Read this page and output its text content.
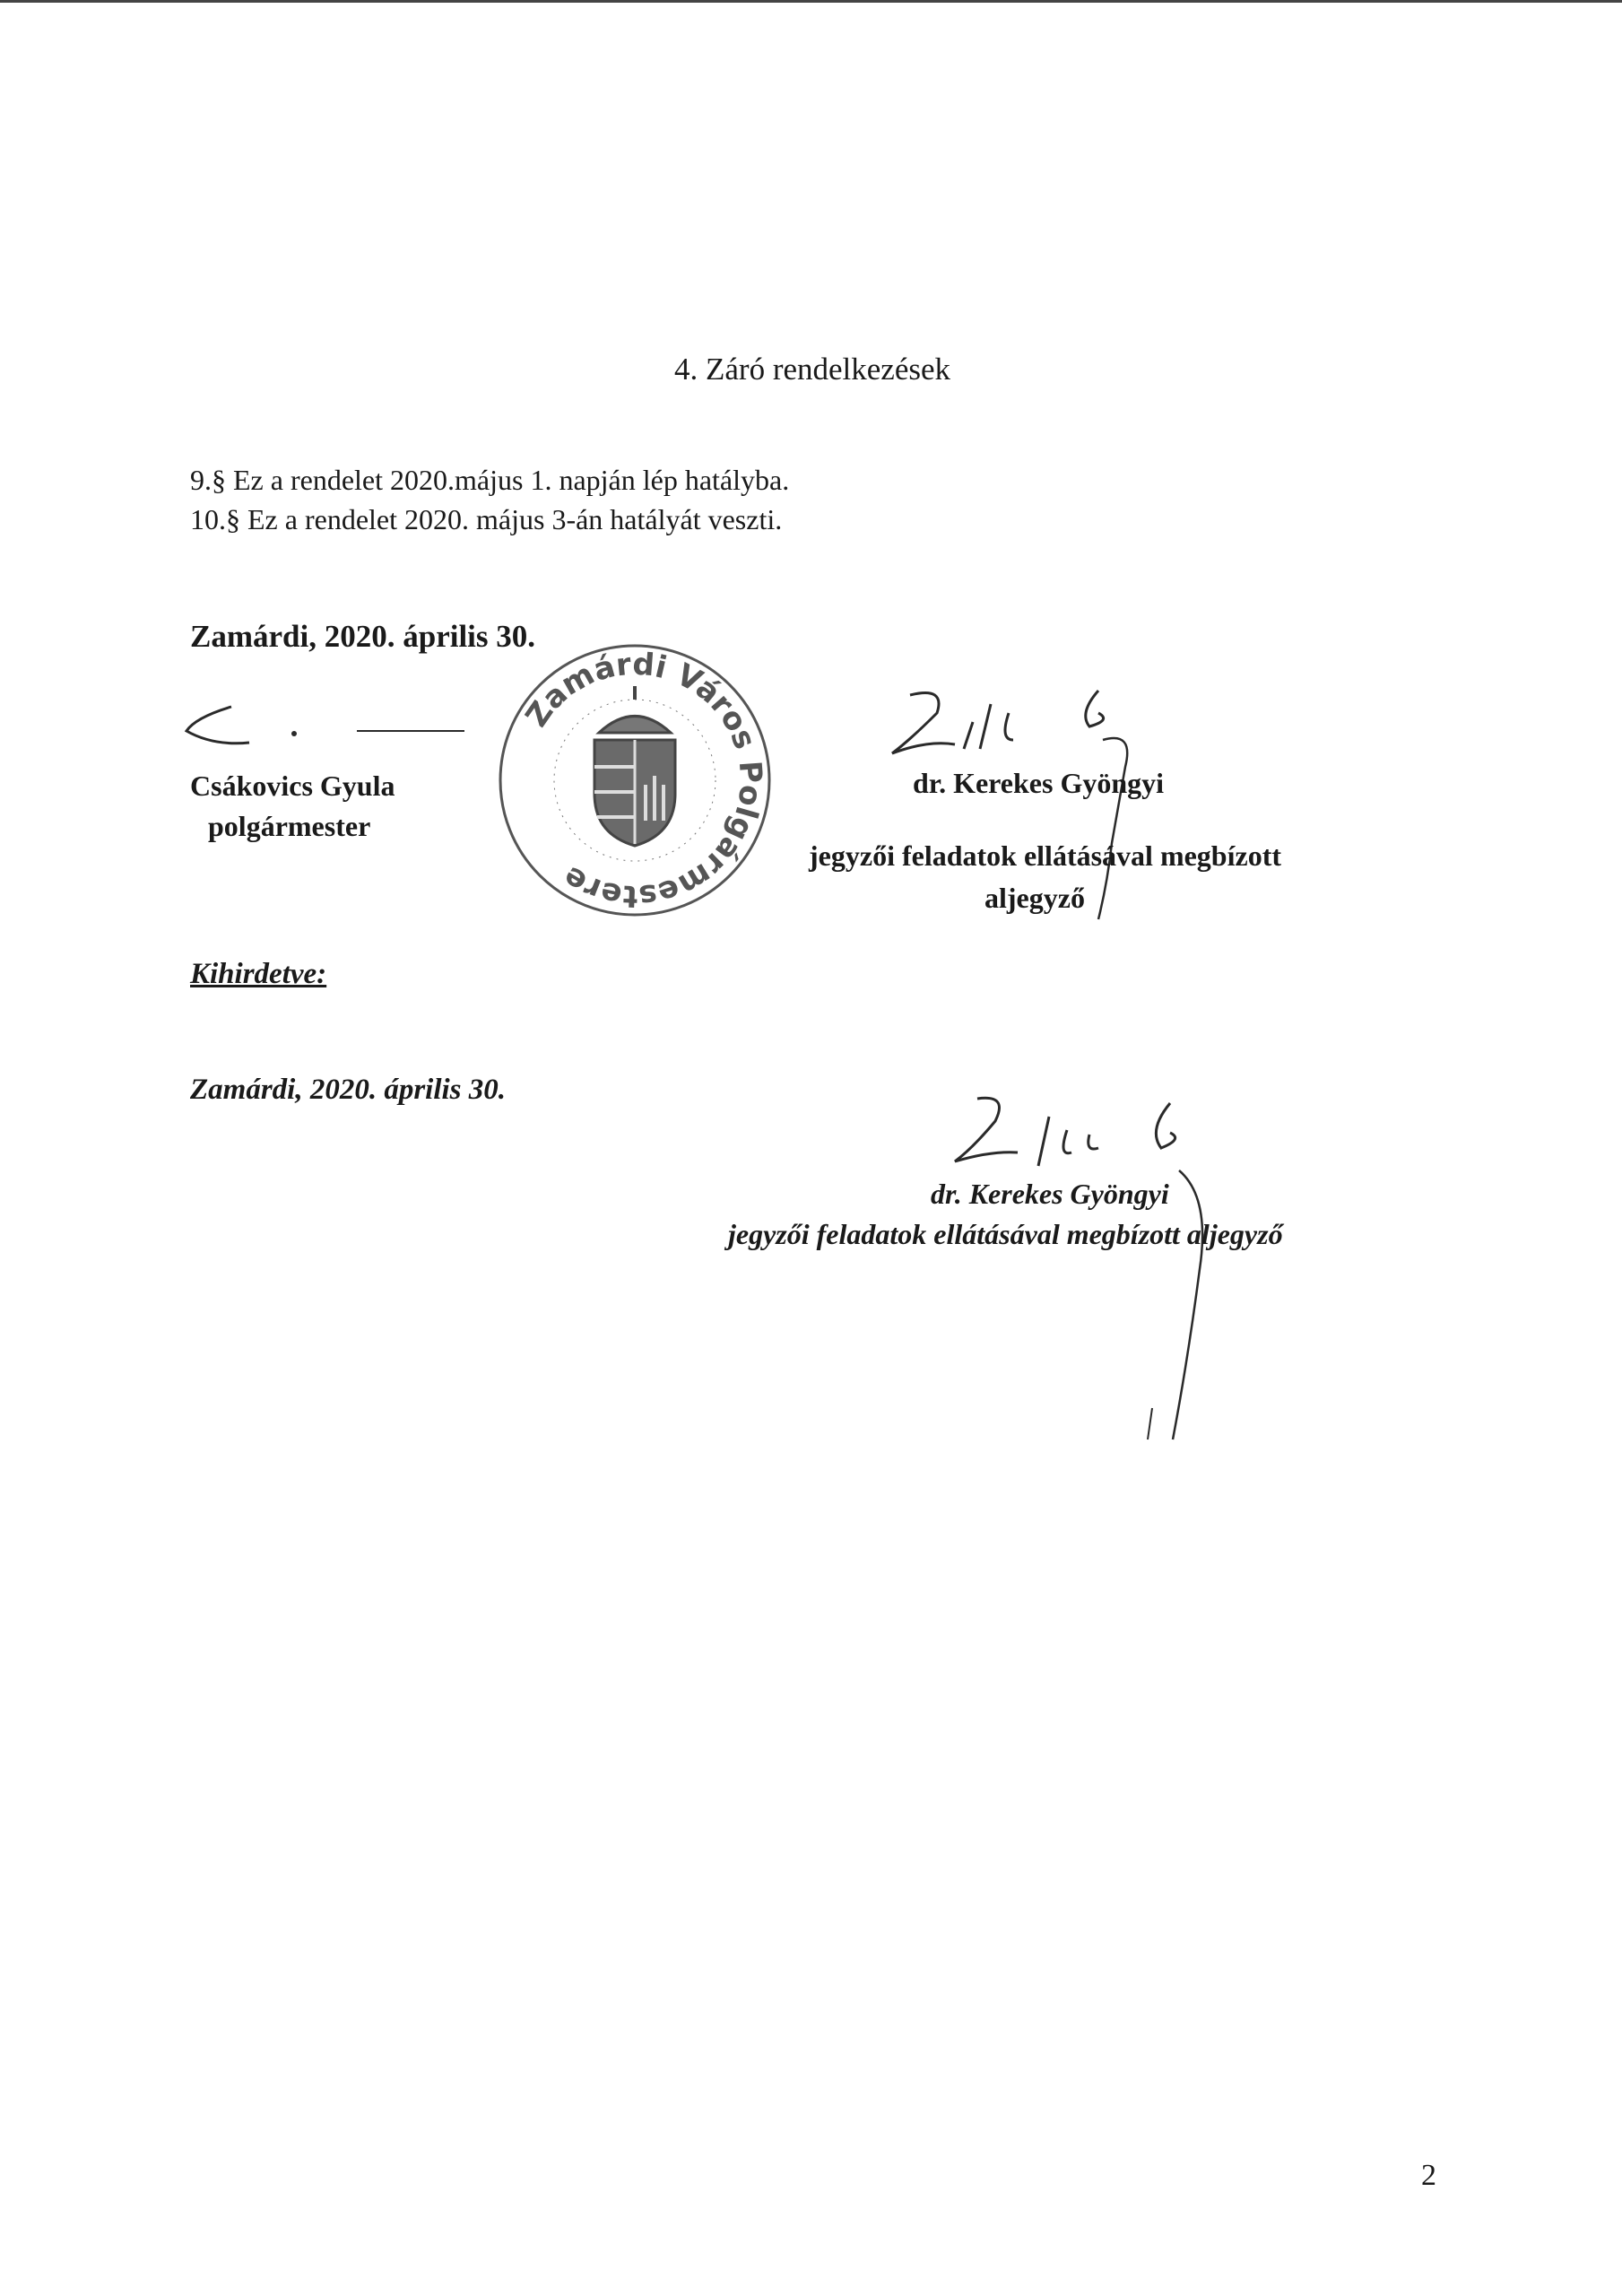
4. Záró rendelkezések
9.§ Ez a rendelet 2020.május 1. napján lép hatályba.
10.§ Ez a rendelet 2020. május 3-án hatályát veszti.
Zamárdi, 2020. április 30.
Zamárdi Város Polgármestere
Csákovics Gyula
polgármester
dr. Kerekes Gyöngyi
jegyzői feladatok ellátásával megbízott
aljegyző
Kihirdetve:
Zamárdi, 2020. április 30.
dr. Kerekes Gyöngyi
jegyzői feladatok ellátásával megbízott aljegyző
2
